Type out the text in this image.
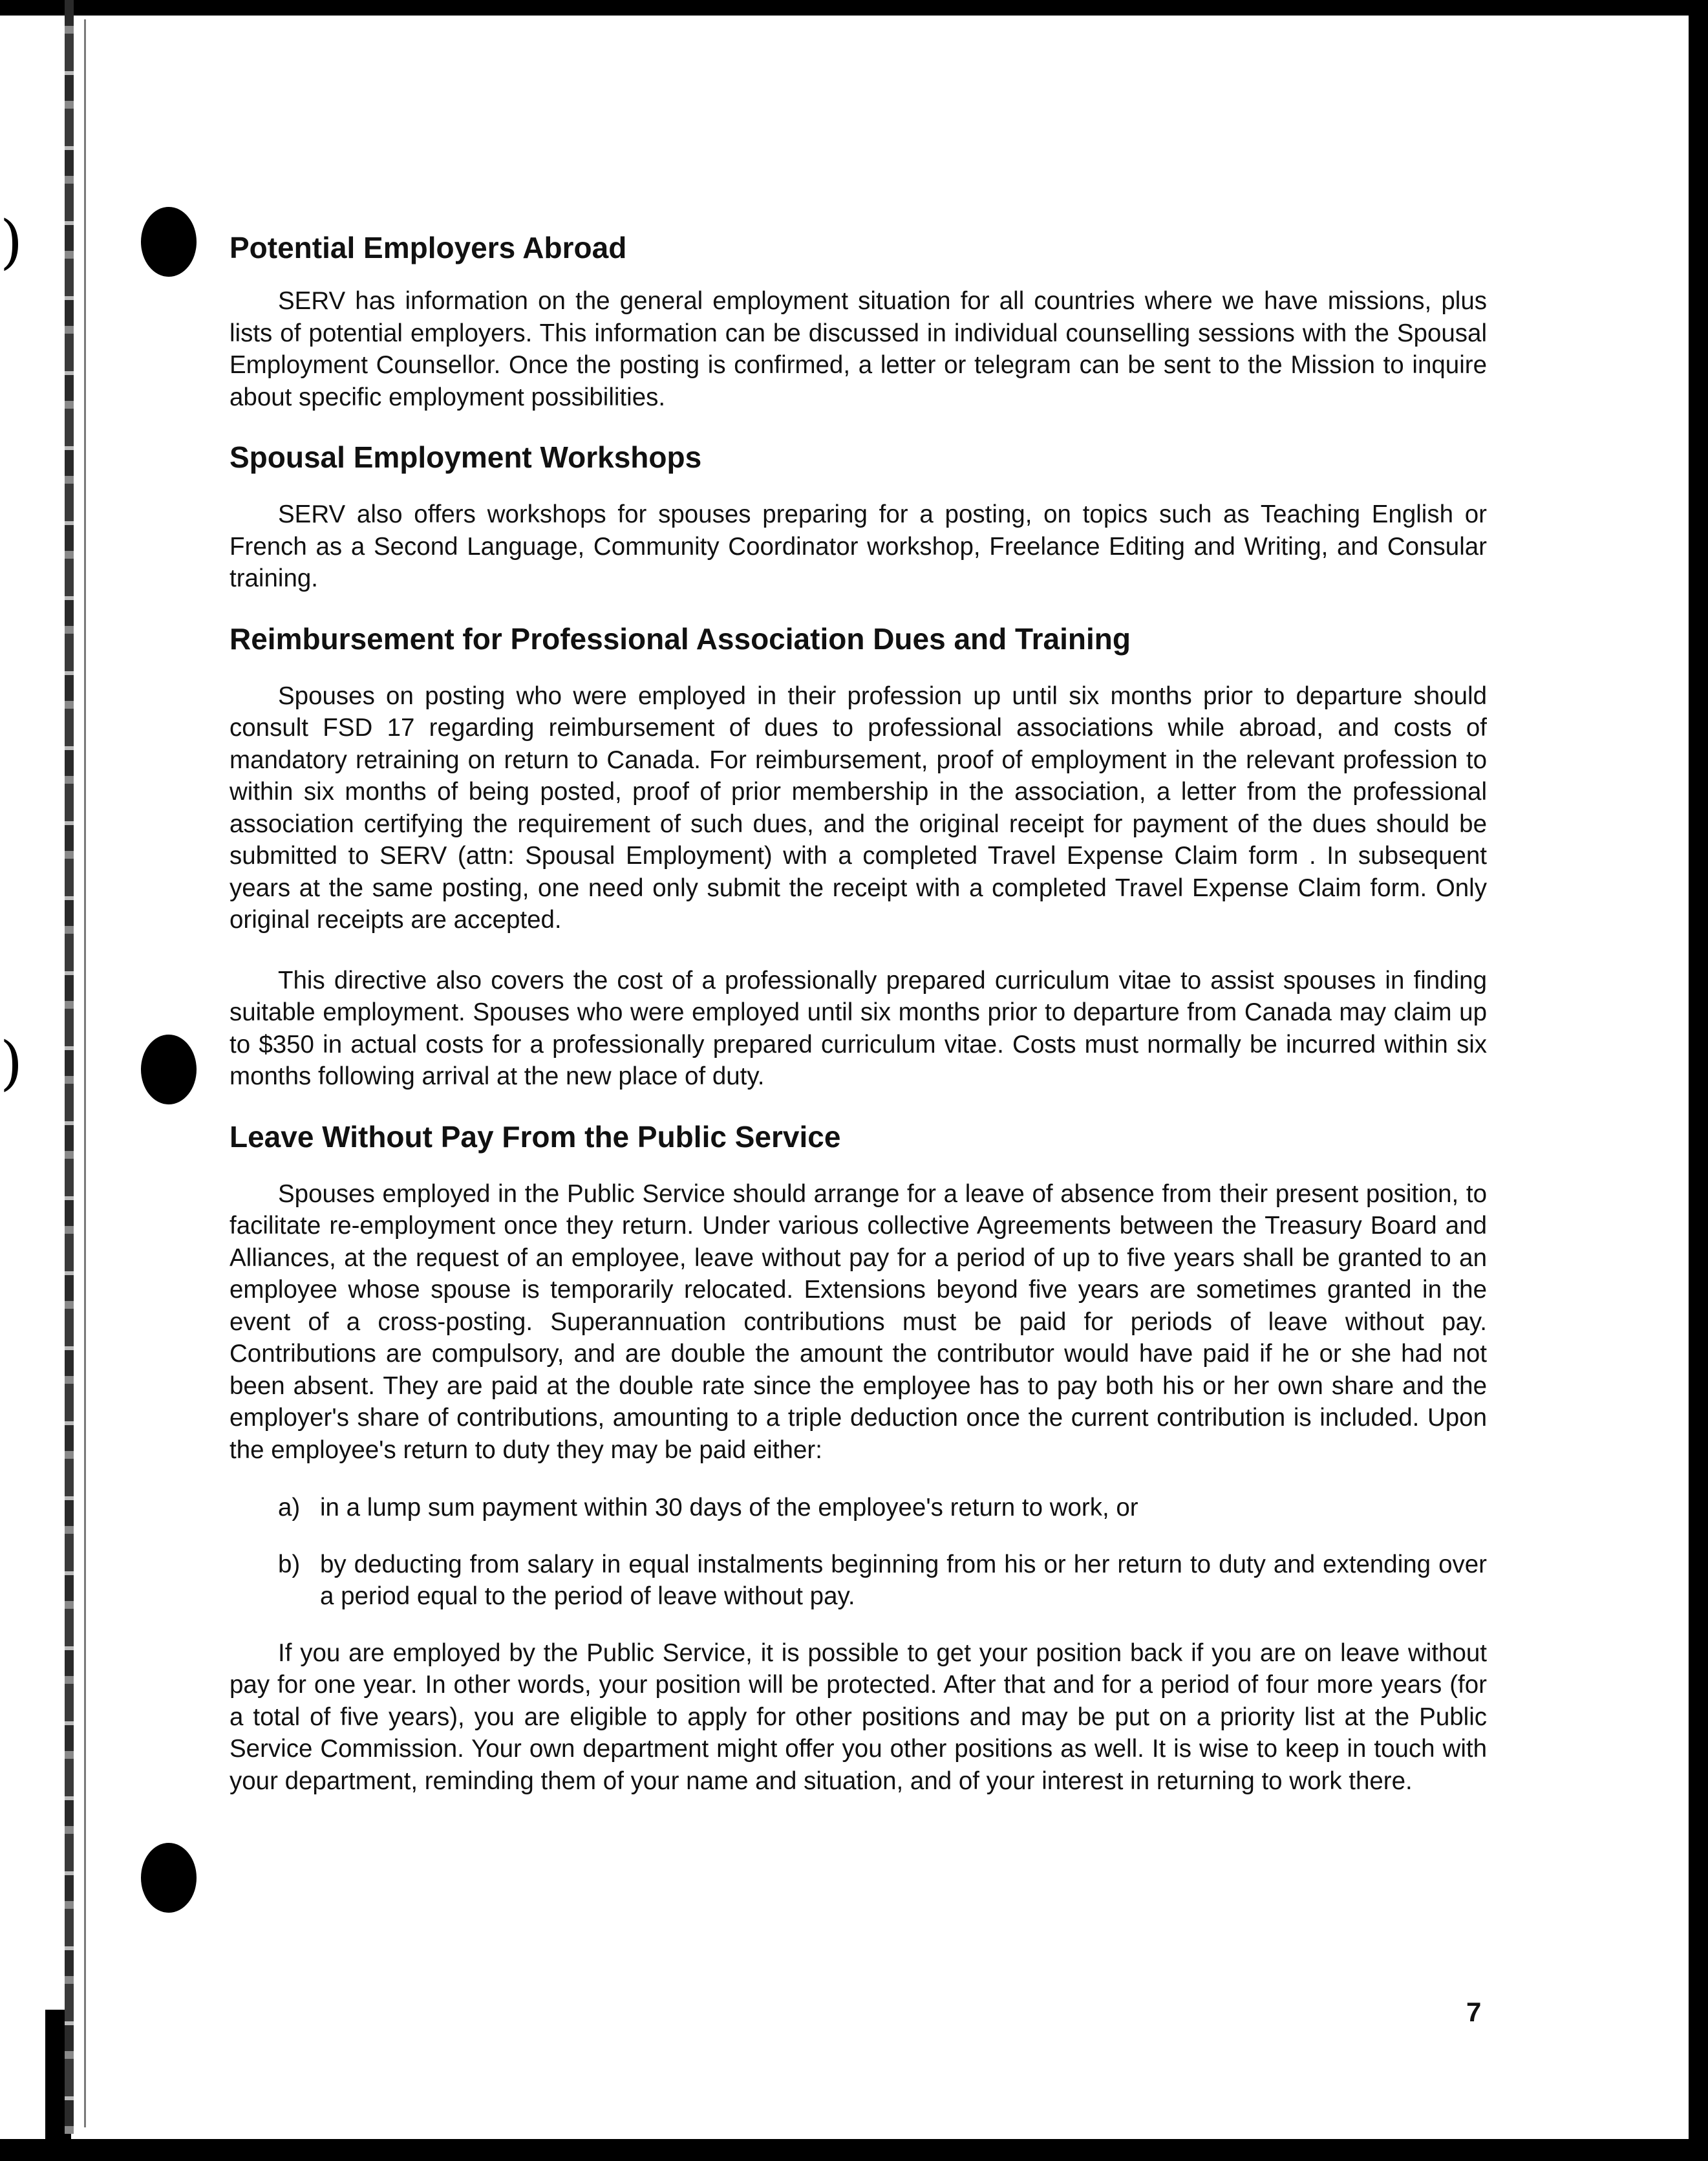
)
)
Potential Employers Abroad

SERV has information on the general employment situation for all countries where we have missions, plus lists of potential employers. This information can be discussed in individual counselling sessions with the Spousal Employment Counsellor. Once the posting is confirmed, a letter or telegram can be sent to the Mission to inquire about specific employment possibilities.

Spousal Employment Workshops

SERV also offers workshops for spouses preparing for a posting, on topics such as Teaching English or French as a Second Language, Community Coordinator workshop, Freelance Editing and Writing, and Consular training.

Reimbursement for Professional Association Dues and Training

Spouses on posting who were employed in their profession up until six months prior to departure should consult FSD 17 regarding reimbursement of dues to professional associations while abroad, and costs of mandatory retraining on return to Canada. For reimbursement, proof of employment in the relevant profession to within six months of being posted, proof of prior membership in the association, a letter from the professional association certifying the requirement of such dues, and the original receipt for payment of the dues should be submitted to SERV (attn: Spousal Employment) with a completed Travel Expense Claim form . In subsequent years at the same posting, one need only submit the receipt with a completed Travel Expense Claim form. Only original receipts are accepted.

This directive also covers the cost of a professionally prepared curriculum vitae to assist spouses in finding suitable employment. Spouses who were employed until six months prior to departure from Canada may claim up to $350 in actual costs for a professionally prepared curriculum vitae. Costs must normally be incurred within six months following arrival at the new place of duty.

Leave Without Pay From the Public Service

Spouses employed in the Public Service should arrange for a leave of absence from their present position, to facilitate re-employment once they return. Under various collective Agreements between the Treasury Board and Alliances, at the request of an employee, leave without pay for a period of up to five years shall be granted to an employee whose spouse is temporarily relocated. Extensions beyond five years are sometimes granted in the event of a cross-posting. Superannuation contributions must be paid for periods of leave without pay. Contributions are compulsory, and are double the amount the contributor would have paid if he or she had not been absent. They are paid at the double rate since the employee has to pay both his or her own share and the employer's share of contributions, amounting to a triple deduction once the current contribution is included. Upon the employee's return to duty they may be paid either:

a) in a lump sum payment within 30 days of the employee's return to work, or
b) by deducting from salary in equal instalments beginning from his or her return to duty and extending over a period equal to the period of leave without pay.

If you are employed by the Public Service, it is possible to get your position back if you are on leave without pay for one year. In other words, your position will be protected. After that and for a period of four more years (for a total of five years), you are eligible to apply for other positions and may be put on a priority list at the Public Service Commission. Your own department might offer you other positions as well. It is wise to keep in touch with your department, reminding them of your name and situation, and of your interest in returning to work there.

7
